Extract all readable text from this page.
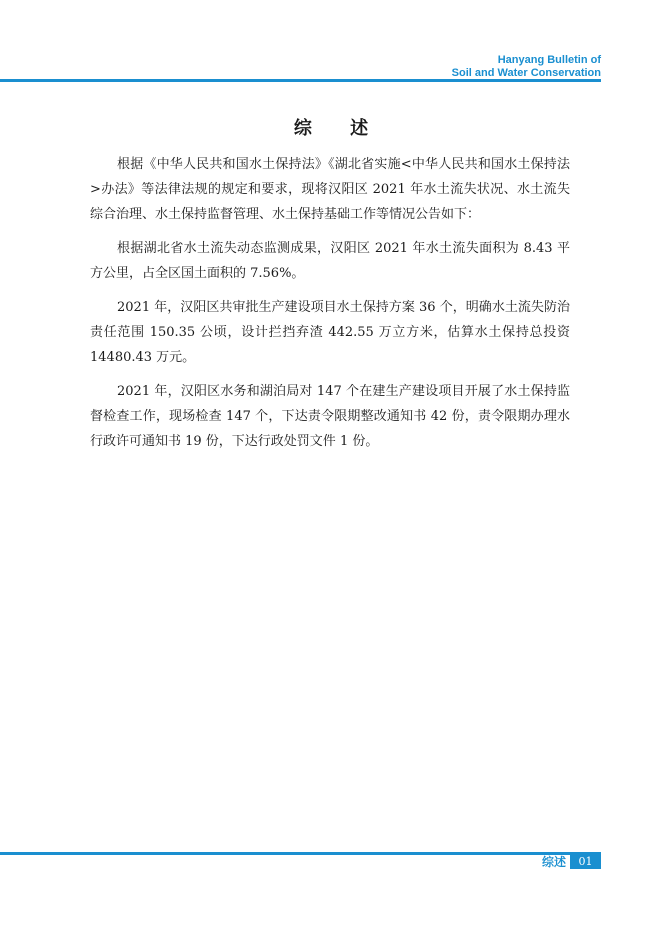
Hanyang Bulletin of
Soil and Water Conservation
综 述

根据《中华人民共和国水土保持法》《湖北省实施<中华人民共和国水土保持法>办法》等法律法规的规定和要求，现将汉阳区 2021 年水土流失状况、水土流失综合治理、水土保持监督管理、水土保持基础工作等情况公告如下：

根据湖北省水土流失动态监测成果，汉阳区 2021 年水土流失面积为 8.43 平方公里，占全区国土面积的 7.56%。

2021 年，汉阳区共审批生产建设项目水土保持方案 36 个，明确水土流失防治责任范围 150.35 公顷，设计拦挡弃渣 442.55 万立方米，估算水土保持总投资 14480.43 万元。

2021 年，汉阳区水务和湖泊局对 147 个在建生产建设项目开展了水土保持监督检查工作，现场检查 147 个，下达责令限期整改通知书 42 份，责令限期办理水行政许可通知书 19 份，下达行政处罚文件 1 份。

综述	01
